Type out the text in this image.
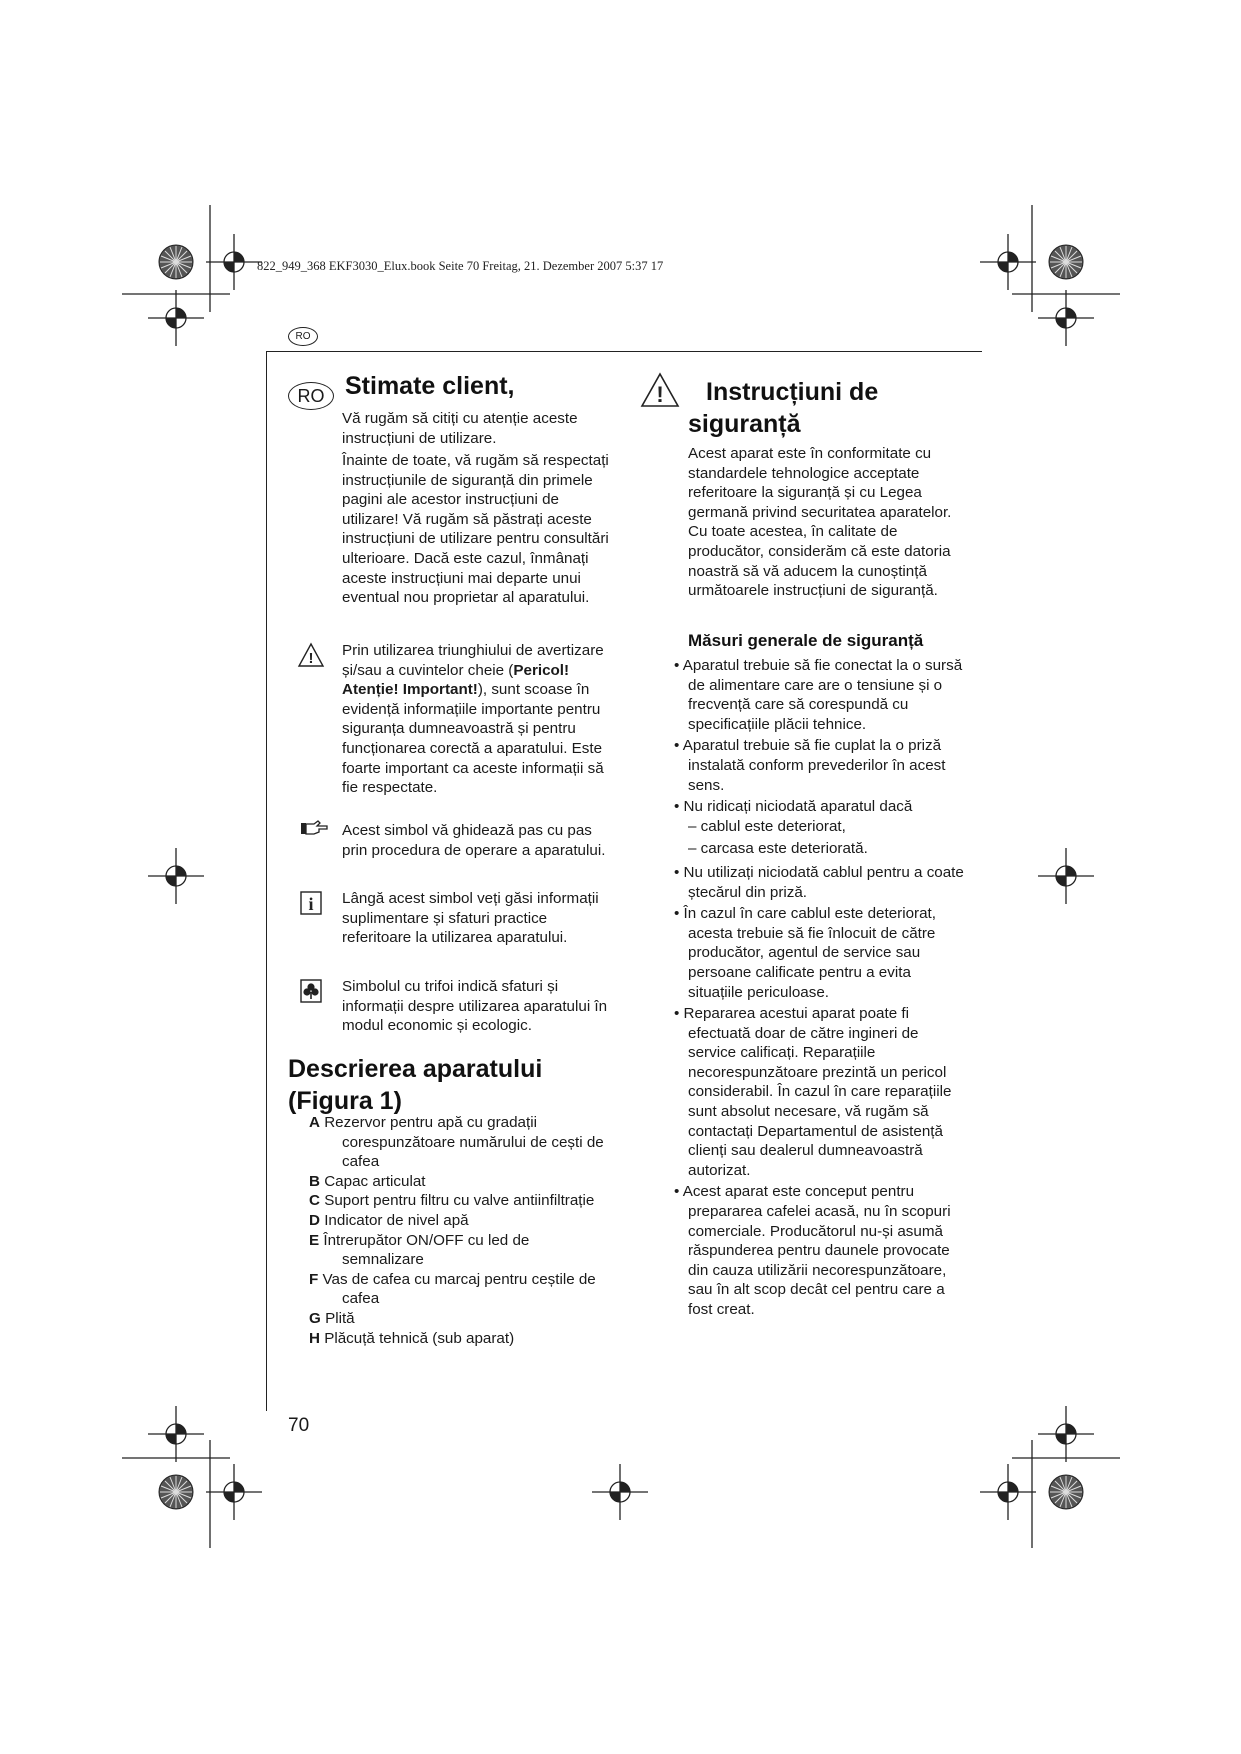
822_949_368 EKF3030_Elux.book Seite 70 Freitag, 21. Dezember 2007 5:37 17
RO
RO Stimate client,
Vă rugăm să citiți cu atenție aceste instrucțiuni de utilizare.
Înainte de toate, vă rugăm să respectați instrucțiunile de siguranță din primele pagini ale acestor instrucțiuni de utilizare! Vă rugăm să păstrați aceste instrucțiuni de utilizare pentru consultări ulterioare. Dacă este cazul, înmânați aceste instrucțiuni mai departe unui eventual nou proprietar al aparatului.
! Prin utilizarea triunghiului de avertizare și/sau a cuvintelor cheie (Pericol! Atenție! Important!), sunt scoase în evidență informațiile importante pentru siguranța dumneavoastră și pentru funcționarea corectă a aparatului. Este foarte important ca aceste informații să fie respectate.
Acest simbol vă ghidează pas cu pas prin procedura de operare a aparatului.
i Lângă acest simbol veți găsi informații suplimentare și sfaturi practice referitoare la utilizarea aparatului.
Simbolul cu trifoi indică sfaturi și informații despre utilizarea aparatului în modul economic și ecologic.
Descrierea aparatului (Figura 1)
A Rezervor pentru apă cu gradații corespunzătoare numărului de cești de cafea
B Capac articulat
C Suport pentru filtru cu valve antiinfiltrație
D Indicator de nivel apă
E Întrerupător ON/OFF cu led de semnalizare
F Vas de cafea cu marcaj pentru ceștile de cafea
G Plită
H Plăcuță tehnică (sub aparat)
70
!	Instrucțiuni de siguranță
Acest aparat este în conformitate cu standardele tehnologice acceptate referitoare la siguranță și cu Legea germană privind securitatea aparatelor. Cu toate acestea, în calitate de producător, considerăm că este datoria noastră să vă aducem la cunoștință următoarele instrucțiuni de siguranță.
Măsuri generale de siguranță
• Aparatul trebuie să fie conectat la o sursă de alimentare care are o tensiune și o frecvență care să corespundă cu specificațiile plăcii tehnice.
• Aparatul trebuie să fie cuplat la o priză instalată conform prevederilor în acest sens.
• Nu ridicați niciodată aparatul dacă
– cablul este deteriorat,
– carcasa este deteriorată.
• Nu utilizați niciodată cablul pentru a coate ștecărul din priză.
• În cazul în care cablul este deteriorat, acesta trebuie să fie înlocuit de către producător, agentul de service sau persoane calificate pentru a evita situațiile periculoase.
• Repararea acestui aparat poate fi efectuată doar de către ingineri de service calificați. Reparațiile necorespunzătoare prezintă un pericol considerabil. În cazul în care reparațiile sunt absolut necesare, vă rugăm să contactați Departamentul de asistență clienți sau dealerul dumneavoastră autorizat.
• Acest aparat este conceput pentru prepararea cafelei acasă, nu în scopuri comerciale. Producătorul nu-și asumă răspunderea pentru daunele provocate din cauza utilizării necorespunzătoare, sau în alt scop decât cel pentru care a fost creat.
